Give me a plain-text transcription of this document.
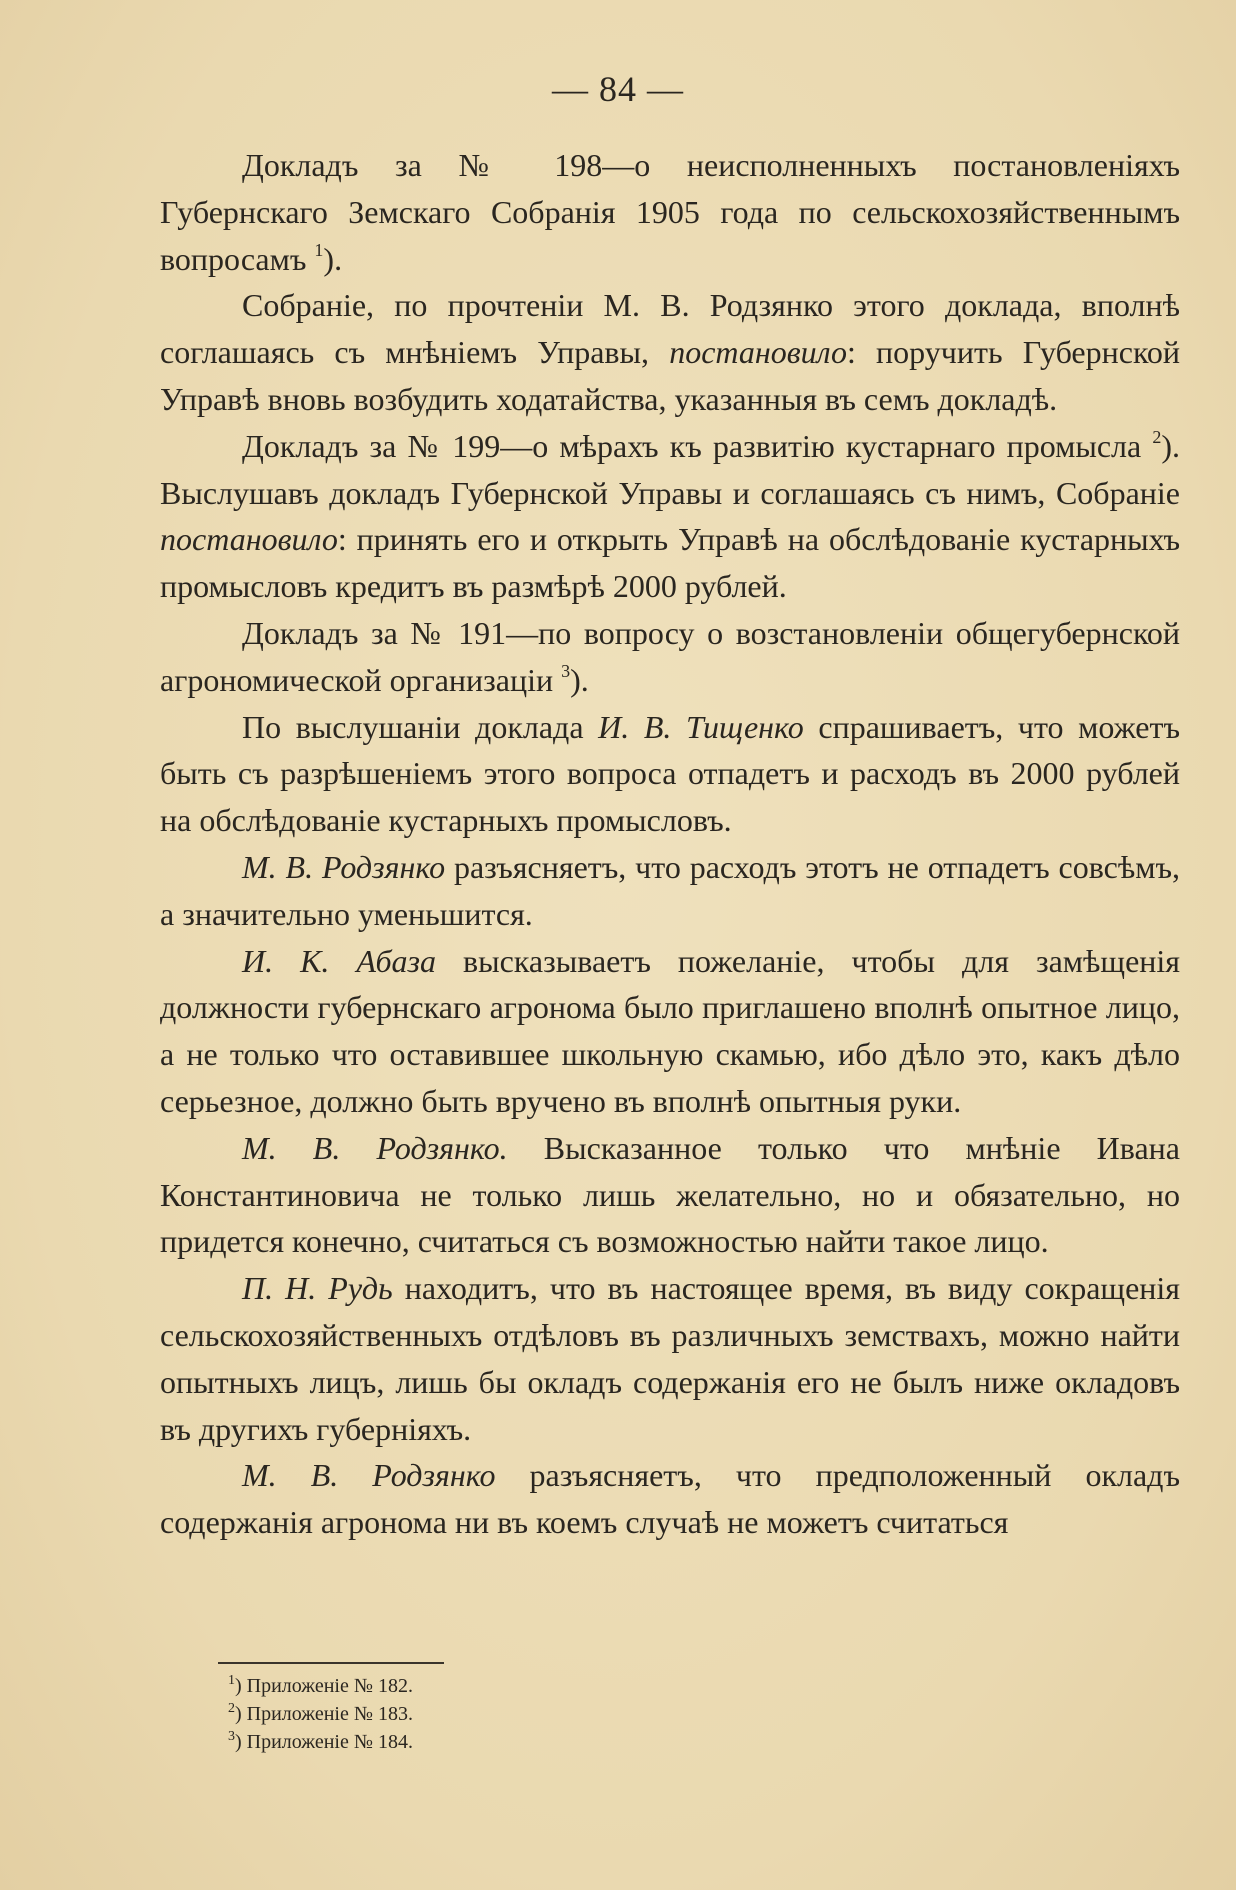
— 84 —

Докладъ за № 198—о неисполненныхъ постановленіяхъ Губернскаго Земскаго Собранія 1905 года по сельскохозяйственнымъ вопросамъ $^1$).

Собраніе, по прочтеніи М. В. Родзянко этого доклада, вполнѣ соглашаясь съ мнѣніемъ Управы, постановило: поручить Губернской Управѣ вновь возбудить ходатайства, указанныя въ семъ докладѣ.

Докладъ за № 199—о мѣрахъ къ развитію кустарнаго промысла $^2$). Выслушавъ докладъ Губернской Управы и соглашаясь съ нимъ, Собраніе постановило: принять его и открыть Управѣ на обслѣдованіе кустарныхъ промысловъ кредитъ въ размѣрѣ 2000 рублей.

Докладъ за № 191—по вопросу о возстановленіи общегубернской агрономической организаціи $^3$).

По выслушаніи доклада И. В. Тищенко спрашиваетъ, что можетъ быть съ разрѣшеніемъ этого вопроса отпадетъ и расходъ въ 2000 рублей на обслѣдованіе кустарныхъ промысловъ.

М. В. Родзянко разъясняетъ, что расходъ этотъ не отпадетъ совсѣмъ, а значительно уменьшится.

И. К. Абаза высказываетъ пожеланіе, чтобы для замѣщенія должности губернскаго агронома было приглашено вполнѣ опытное лицо, а не только что оставившее школьную скамью, ибо дѣло это, какъ дѣло серьезное, должно быть вручено въ вполнѣ опытныя руки.

М. В. Родзянко. Высказанное только что мнѣніе Ивана Константиновича не только лишь желательно, но и обязательно, но придется конечно, считаться съ возможностью найти такое лицо.

П. Н. Рудь находитъ, что въ настоящее время, въ виду сокращенія сельскохозяйственныхъ отдѣловъ въ различныхъ земствахъ, можно найти опытныхъ лицъ, лишь бы окладъ содержанія его не былъ ниже окладовъ въ другихъ губерніяхъ.

М. В. Родзянко разъясняетъ, что предположенный окладъ содержанія агронома ни въ коемъ случаѣ не можетъ считаться

$^1$) Приложеніе № 182.
$^2$) Приложеніе № 183.
$^3$) Приложеніе № 184.
